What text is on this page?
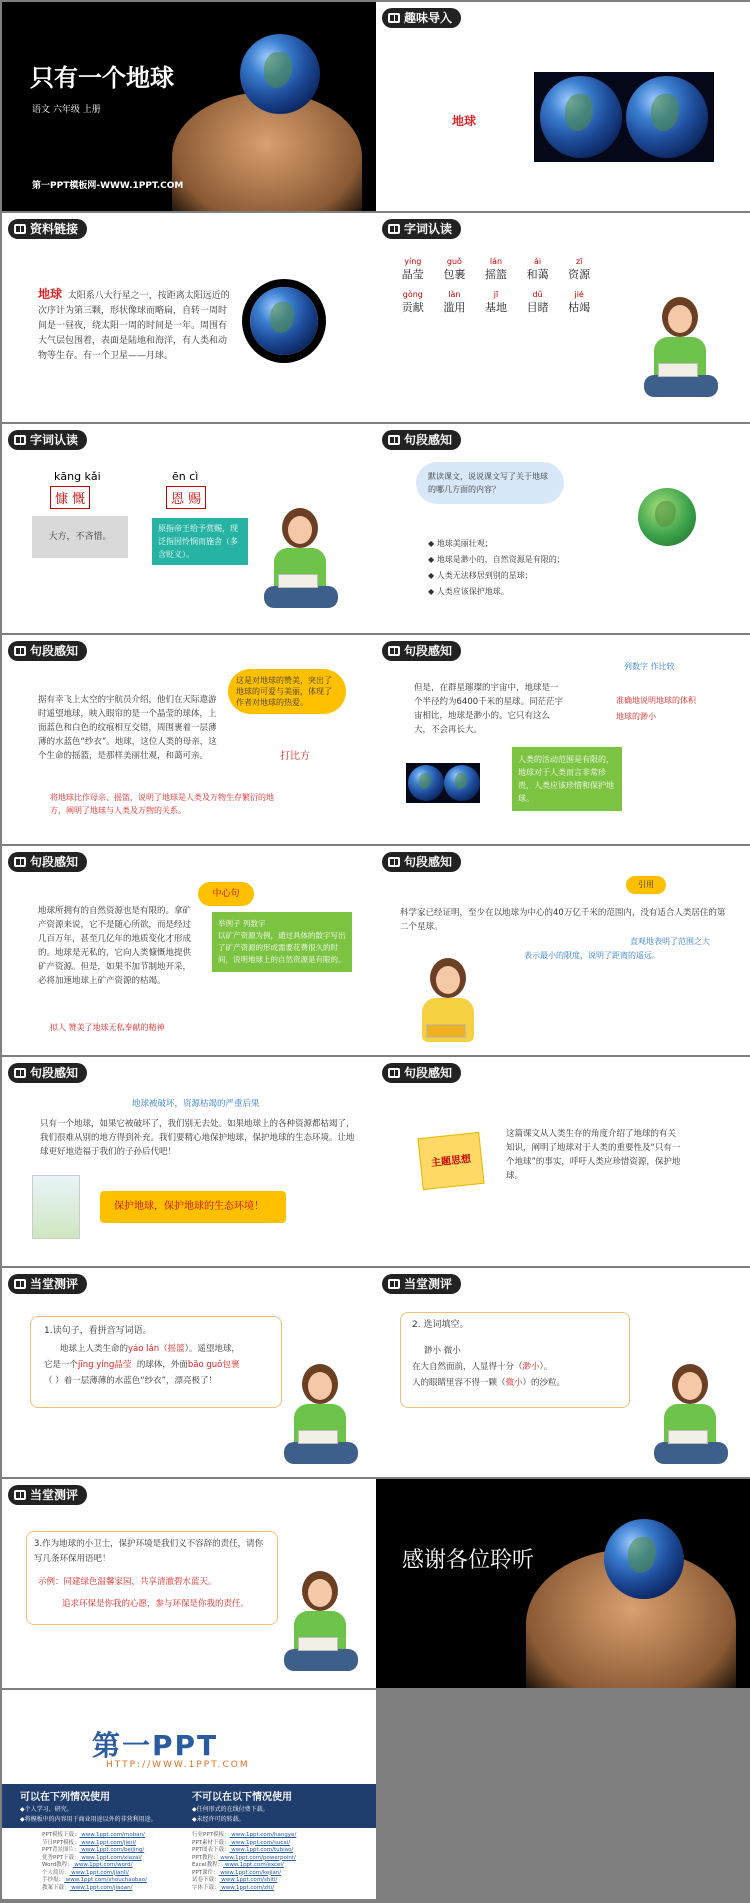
只有一个地球
语文 六年级 上册
第一PPT模板网-WWW.1PPT.COM
趣味导入
地球
资料链接
地球 太阳系八大行星之一，按距离太阳远近的次序计为第三颗，形状像球而略扁，自转一周时间是一昼夜，绕太阳一周的时间是一年。周围有大气层包围着，表面是陆地和海洋，有人类和动物等生存。有一个卫星——月球。
字词认读
yíng
晶莹
guǒ
包裹
lán
摇篮
ái
和蔼
zī
资源
gòng
贡献
làn
滥用
jī
基地
dǔ
目睹
jié
枯竭
字词认读
kāng kǎi
慷 慨
大方，不吝惜。
ēn cì
恩 赐
原指帝王给予赏赐，现泛指因怜悯而施舍（多含贬义）。
句段感知
默读课文，说说课文写了关于地球的哪几方面的内容？
◆ 地球美丽壮观；
◆ 地球是渺小的，自然资源是有限的；
◆ 人类无法移居到别的星球；
◆ 人类应该保护地球。
句段感知
这是对地球的赞美，突出了地球的可爱与美丽，体现了作者对地球的热爱。
据有幸飞上太空的宇航员介绍，他们在天际遨游时遥望地球，映入眼帘的是一个晶莹的球体，上面蓝色和白色的纹痕相互交错，周围裹着一层薄薄的水蓝色“纱衣”。地球，这位人类的母亲，这个生命的摇篮，是那样美丽壮观，和蔼可亲。	打比方
将地球比作母亲、摇篮，说明了地球是人类及万物生存繁衍的地方，阐明了地球与人类及万物的关系。
句段感知
列数字 作比较
但是，在群星璀璨的宇宙中，地球是一个半径约为6400千米的星球。同茫茫宇宙相比，地球是渺小的。它只有这么大，不会再长大。
准确地说明地球的体积
地球的渺小
人类的活动范围是有限的，地球对于人类而言非常珍贵，人类应该珍惜和保护地球。
句段感知
中心句
地球所拥有的自然资源也是有限的。拿矿产资源来说，它不是随心所欲，而是经过几百万年，甚至几亿年的地质变化才形成的。地球是无私的，它向人类慷慨地提供矿产资源。但是，如果不加节制地开采，必将加速地球上矿产资源的枯竭。
举例子 列数字
以矿产资源为例，通过具体的数字写出了矿产资源的形成需要花费很久的时间，说明地球上的自然资源是有限的。
拟人 赞美了地球无私奉献的精神
句段感知
引用
科学家已经证明，至少在以地球为中心的40万亿千米的范围内，没有适合人类居住的第二个星球。
直观地表明了范围之大
表示最小的限度，说明了距离的遥远。
句段感知
地球被破坏，资源枯竭的严重后果
只有一个地球，如果它被破坏了，我们别无去处。如果地球上的各种资源都枯竭了，我们很难从别的地方得到补充。我们要精心地保护地球，保护地球的生态环境。让地球更好地造福于我们的子孙后代吧！
保护地球，保护地球的生态环境！
句段感知
主题思想
这篇课文从人类生存的角度介绍了地球的有关知识，阐明了地球对于人类的重要性及“只有一个地球”的事实，呼吁人类应珍惜资源，保护地球。
当堂测评
1.读句子，看拼音写词语。
地球上人类生命的yáo lán（摇篮）。遥望地球，
它是一个jīng yíng晶莹 的球体，外面bāo guǒ包裹
（ ）着一层薄薄的水蓝色“纱衣”，漂亮极了！
当堂测评
2. 选词填空。
渺小 微小
在大自然面前，人显得十分（渺小）。
人的眼睛里容不得一颗（微小）的沙粒。
当堂测评
3.作为地球的小卫士，保护环境是我们义不容辞的责任，请你写几条环保用语吧！
示例：同建绿色温馨家园，共享清澈碧水蓝天。
追求环保是你我的心愿，参与环保是你我的责任。
感谢各位聆听
第一PPT
HTTP://WWW.1PPT.COM
可以在下列情况使用
◆个人学习、研究。
◆将模板中的内容用于商业用途以外的非营利用途。
不可以在以下情况使用
◆任何形式的在线付费下载。
◆未经许可的转载。
PPT模板下载： www.1ppt.com/moban/
节日PPT模板： www.1ppt.com/jieri/
PPT背景图片： www.1ppt.com/beijing/
优秀PPT下载： www.1ppt.com/xiazai/
Word教程： www.1ppt.com/word/
个人简历： www.1ppt.com/jianli/
手抄报： www.1ppt.com/shouchaobao/
教案下载： www.1ppt.com/jiaoan/
行业PPT模板： www.1ppt.com/hangye/
PPT素材下载： www.1ppt.com/sucai/
PPT图表下载： www.1ppt.com/tubiao/
PPT教程： www.1ppt.com/powerpoint/
Excel教程： www.1ppt.com/excel/
PPT课件： www.1ppt.com/kejian/
试卷下载： www.1ppt.com/shiti/
字体下载： www.1ppt.com/ziti/
